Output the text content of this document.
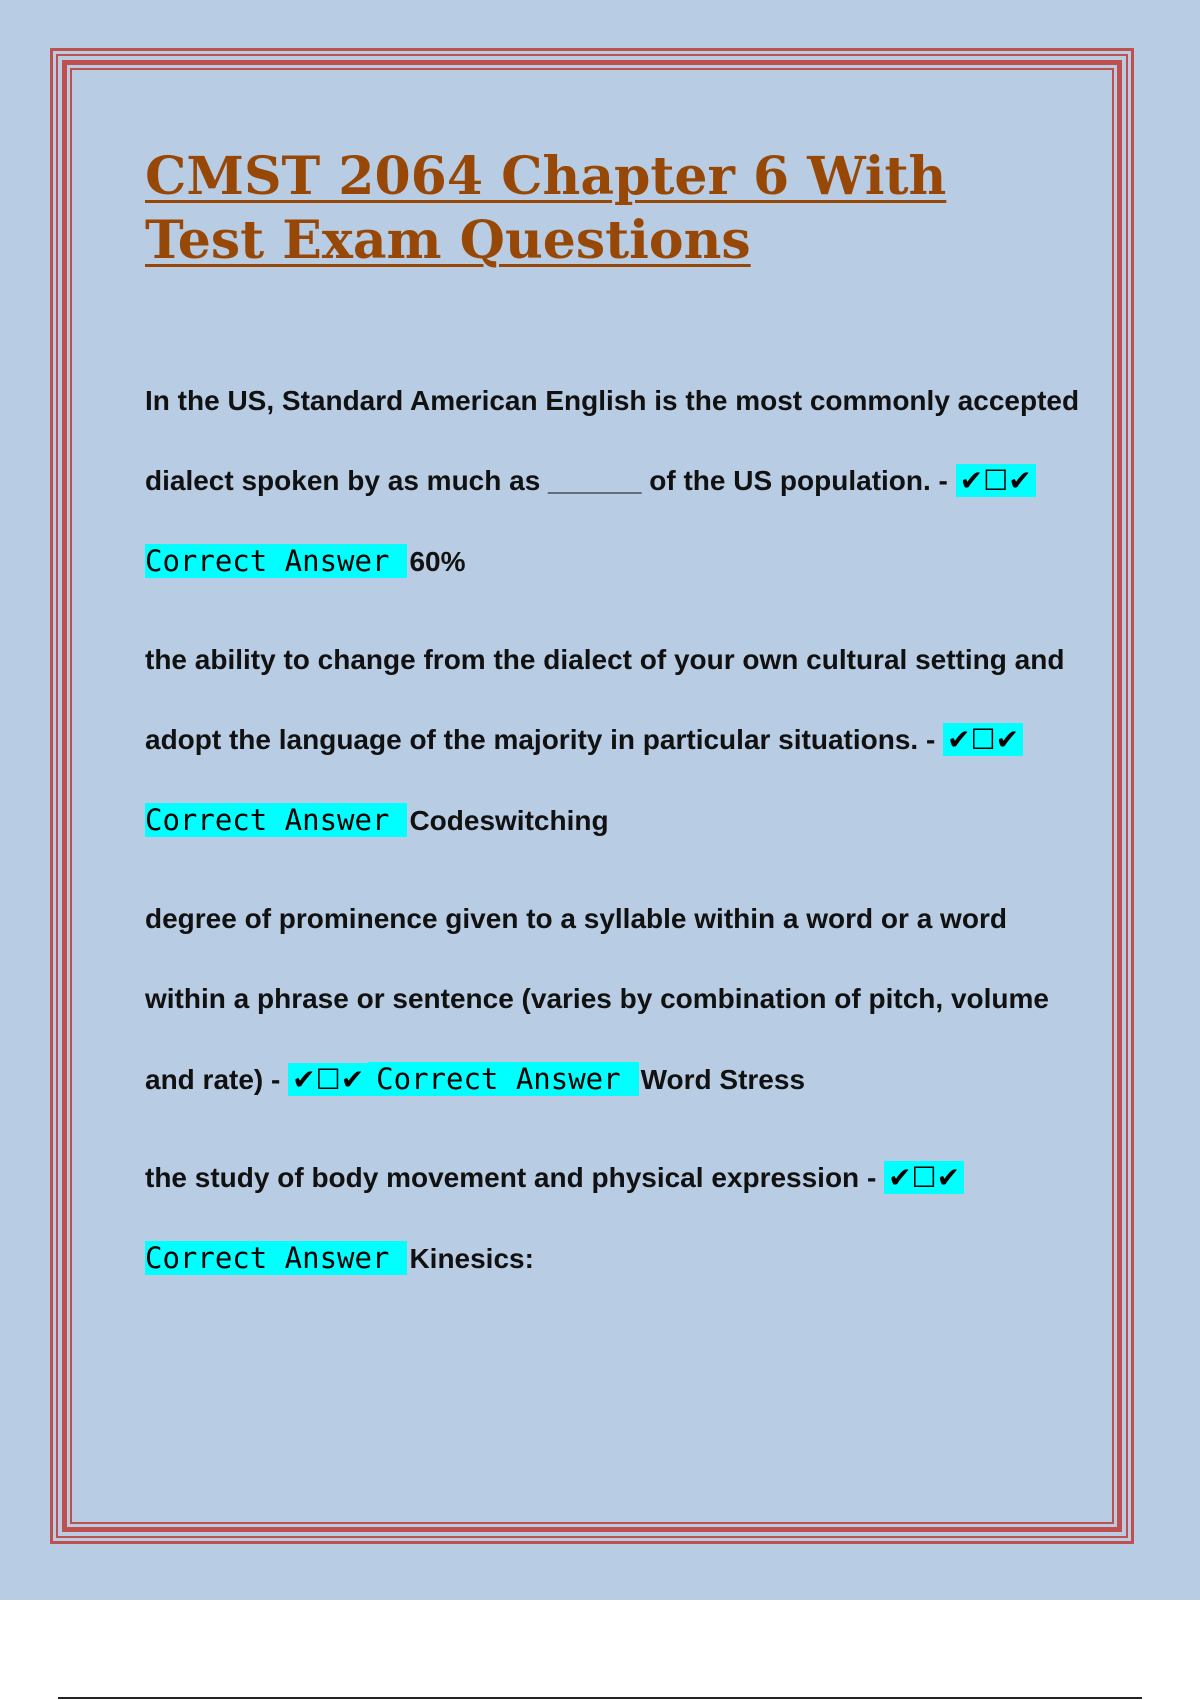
CMST 2064 Chapter 6 With Test Exam Questions
In the US, Standard American English is the most commonly accepted
dialect spoken by as much as ______ of the US population. - ✔☐✔
Correct Answer 60%
the ability to change from the dialect of your own cultural setting and
adopt the language of the majority in particular situations. - ✔☐✔
Correct Answer Codeswitching
degree of prominence given to a syllable within a word or a word
within a phrase or sentence (varies by combination of pitch, volume
and rate) - ✔☐✔ Correct Answer Word Stress
the study of body movement and physical expression - ✔☐✔
Correct Answer Kinesics:
